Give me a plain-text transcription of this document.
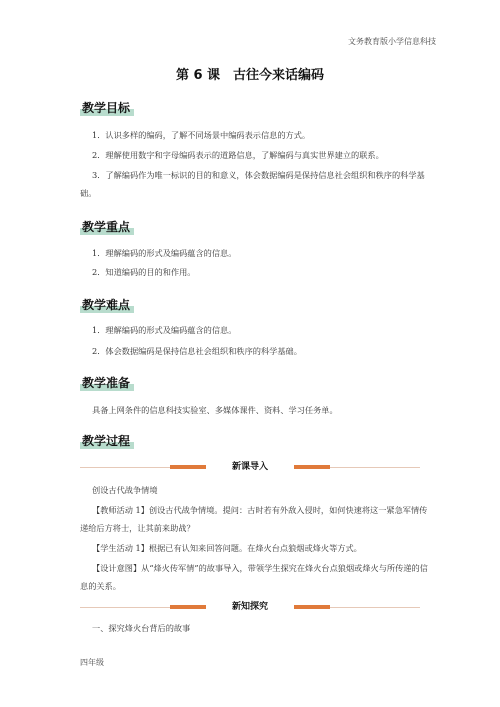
文务教育版小学信息科技
第 6 课　古往今来话编码
教学目标
1．认识多样的编码，了解不同场景中编码表示信息的方式。
2．理解使用数字和字母编码表示的道路信息，了解编码与真实世界建立的联系。
3．了解编码作为唯一标识的目的和意义，体会数据编码是保持信息社会组织和秩序的科学基础。
教学重点
1．理解编码的形式及编码蕴含的信息。
2．知道编码的目的和作用。
教学难点
1．理解编码的形式及编码蕴含的信息。
2．体会数据编码是保持信息社会组织和秩序的科学基础。
教学准备
具备上网条件的信息科技实验室、多媒体课件、资料、学习任务单。
教学过程
新课导入
创设古代战争情境
【教师活动 1】创设古代战争情境。提问：古时若有外敌入侵时，如何快速将这一紧急军情传递给后方将士，让其前来助战？
【学生活动 1】根据已有认知来回答问题。在烽火台点狼烟或烽火等方式。
【设计意图】从“烽火传军情”的故事导入，带领学生探究在烽火台点狼烟或烽火与所传递的信息的关系。
新知探究
一、探究烽火台背后的故事
四年级
